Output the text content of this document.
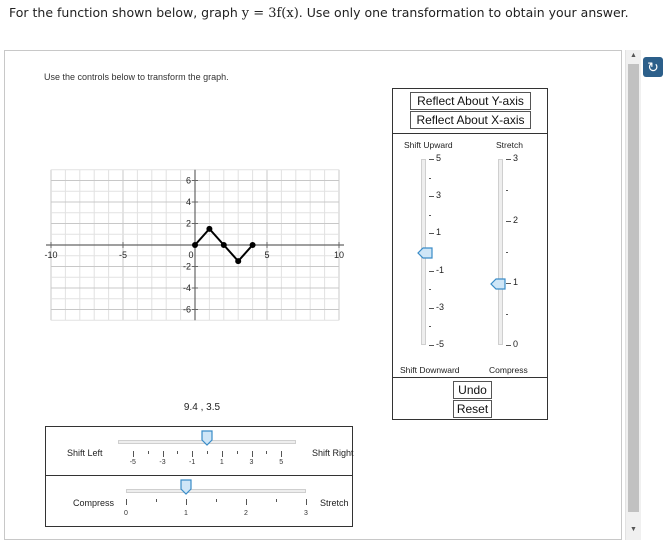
For the function shown below, graph y = 3f(x). Use only one transformation to obtain your answer.
Use the controls below to transform the graph.
↻
▲
▼
-10	-5	0	5	10
6
4
2
-2
-4
-6
9.4 , 3.5
Reflect About Y-axis
Reflect About X-axis
Shift Upward	Stretch
5
3
1
-1
-3
-5
3
2
1
0
Shift Downward	Compress
Undo
Reset
Shift Left
-5	-3	-1	1	3	5
Shift Right
Compress
0	1	2	3
Stretch
